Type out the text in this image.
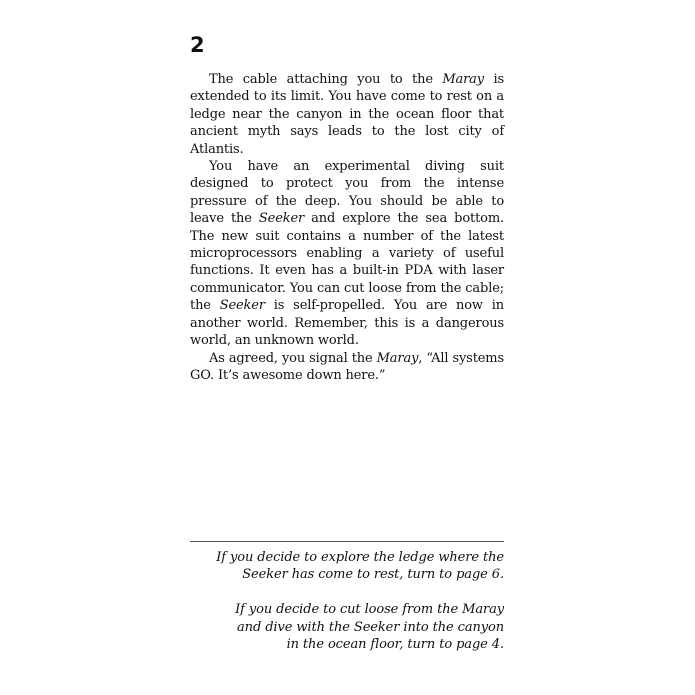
2

The cable attaching you to the Maray is extended to its limit. You have come to rest on a ledge near the canyon in the ocean floor that ancient myth says leads to the lost city of Atlantis.

You have an experimental diving suit designed to protect you from the intense pressure of the deep. You should be able to leave the Seeker and explore the sea bottom. The new suit contains a number of the latest microprocessors enabling a variety of useful functions. It even has a built-in PDA with laser communicator. You can cut loose from the cable; the Seeker is self-propelled. You are now in another world. Remember, this is a dangerous world, an unknown world.

As agreed, you signal the Maray, “All systems GO. It’s awesome down here.”

If you decide to explore the ledge where the
Seeker has come to rest, turn to page 6.
If you decide to cut loose from the Maray
and dive with the Seeker into the canyon
in the ocean floor, turn to page 4.
